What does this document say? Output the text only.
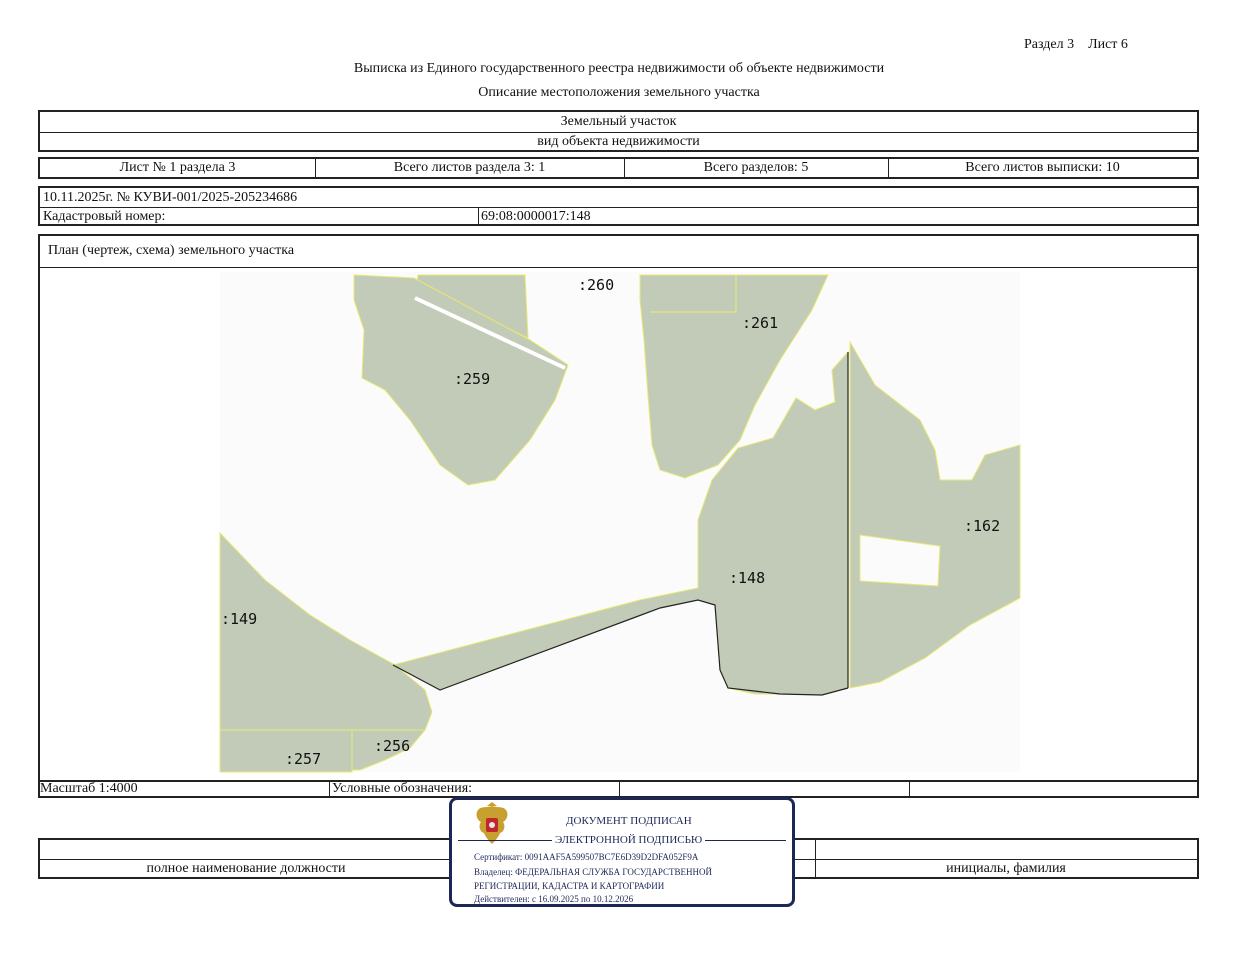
Раздел 3    Лист 6
Выписка из Единого государственного реестра недвижимости об объекте недвижимости
Описание местоположения земельного участка
Земельный участок
вид объекта недвижимости
Лист № 1 раздела 3	Всего листов раздела 3: 1	Всего разделов: 5	Всего листов выписки: 10
10.11.2025г. № КУВИ-001/2025-205234686
Кадастровый номер:	69:08:0000017:148
План (чертеж, схема) земельного участка
:260
:261
:259
:148
:162
:149
:256
:257
Масштаб 1:4000	Условные обозначения:
полное наименование должности	инициалы, фамилия
ДОКУМЕНТ ПОДПИСАН
ЭЛЕКТРОННОЙ ПОДПИСЬЮ
Сертификат: 0091AAF5A599507BC7E6D39D2DFA052F9A
Владелец: ФЕДЕРАЛЬНАЯ СЛУЖБА ГОСУДАРСТВЕННОЙ
РЕГИСТРАЦИИ, КАДАСТРА И КАРТОГРАФИИ
Действителен: с 16.09.2025 по 10.12.2026
